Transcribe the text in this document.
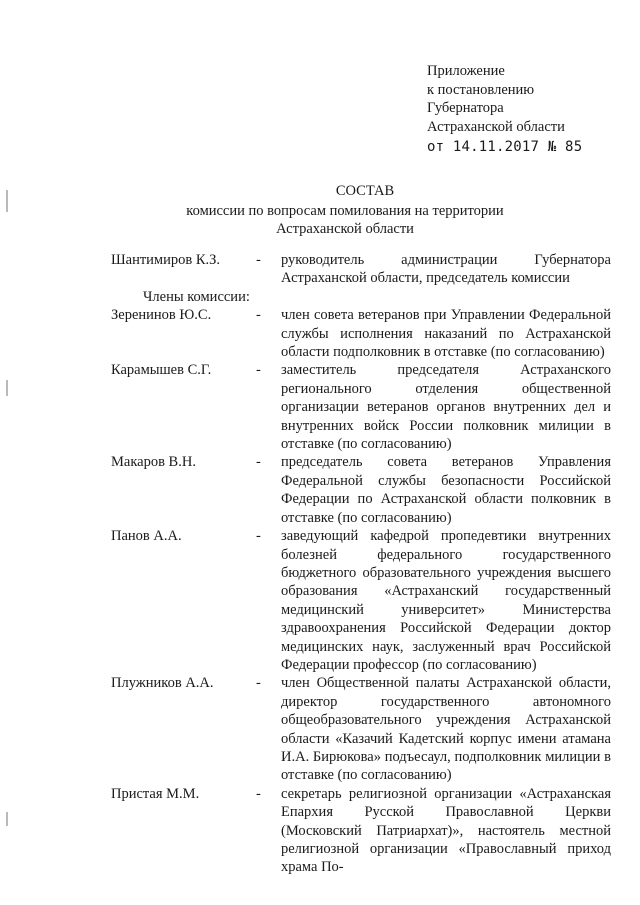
Приложение
к постановлению
Губернатора
Астраханской области
от 14.11.2017 № 85
СОСТАВ
комиссии по вопросам помилования на территории
Астраханской области
Шантимиров К.З.	-	руководитель администрации Губернатора Астраханской области, председатель комиссии
Члены комиссии:
Зеренинов Ю.С.	-	член совета ветеранов при Управлении Федеральной службы исполнения наказаний по Астраханской области подполковник в отставке (по согласованию)
Карамышев С.Г.	-	заместитель председателя Астраханского регионального отделения общественной организации ветеранов органов внутренних дел и внутренних войск России полковник милиции в отставке (по согласованию)
Макаров В.Н.	-	председатель совета ветеранов Управления Федеральной службы безопасности Российской Федерации по Астраханской области полковник в отставке (по согласованию)
Панов А.А.	-	заведующий кафедрой пропедевтики внутренних болезней федерального государственного бюджетного образовательного учреждения высшего образования «Астраханский государственный медицинский университет» Министерства здравоохранения Российской Федерации доктор медицинских наук, заслуженный врач Российской Федерации профессор (по согласованию)
Плужников А.А.	-	член Общественной палаты Астраханской области, директор государственного автономного общеобразовательного учреждения Астраханской области «Казачий Кадетский корпус имени атамана И.А. Бирюкова» подъесаул, подполковник милиции в отставке (по согласованию)
Пристая М.М.	-	секретарь религиозной организации «Астраханская Епархия Русской Православной Церкви (Московский Патриархат)», настоятель местной религиозной организации «Православный приход храма По-
